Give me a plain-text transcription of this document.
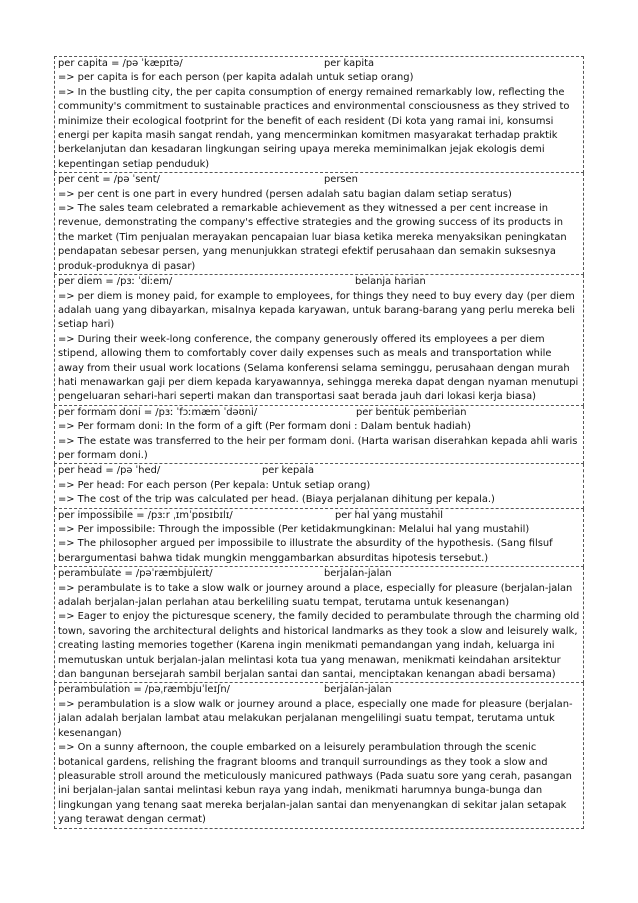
per capita = /pə ˈkæpɪtə/	per kapita
=> per capita is for each person (per kapita adalah untuk setiap orang)
=> In the bustling city, the per capita consumption of energy remained remarkably low, reflecting the community's commitment to sustainable practices and environmental consciousness as they strived to minimize their ecological footprint for the benefit of each resident (Di kota yang ramai ini, konsumsi energi per kapita masih sangat rendah, yang mencerminkan komitmen masyarakat terhadap praktik berkelanjutan dan kesadaran lingkungan seiring upaya mereka meminimalkan jejak ekologis demi kepentingan setiap penduduk)
per cent = /pə ˈsent/	persen
=> per cent is one part in every hundred (persen adalah satu bagian dalam setiap seratus)
=> The sales team celebrated a remarkable achievement as they witnessed a per cent increase in revenue, demonstrating the company's effective strategies and the growing success of its products in the market (Tim penjualan merayakan pencapaian luar biasa ketika mereka menyaksikan peningkatan pendapatan sebesar persen, yang menunjukkan strategi efektif perusahaan dan semakin suksesnya produk-produknya di pasar)
per diem = /pɜː ˈdiːem/	belanja harian
=> per diem is money paid, for example to employees, for things they need to buy every day (per diem adalah uang yang dibayarkan, misalnya kepada karyawan, untuk barang-barang yang perlu mereka beli setiap hari)
=> During their week-long conference, the company generously offered its employees a per diem stipend, allowing them to comfortably cover daily expenses such as meals and transportation while away from their usual work locations (Selama konferensi selama seminggu, perusahaan dengan murah hati menawarkan gaji per diem kepada karyawannya, sehingga mereka dapat dengan nyaman menutupi pengeluaran sehari-hari seperti makan dan transportasi saat berada jauh dari lokasi kerja biasa)
per formam doni = /pɜː ˈfɔːmæm ˈdəʊni/	per bentuk pemberian
=> Per formam doni: In the form of a gift (Per formam doni : Dalam bentuk hadiah)
=> The estate was transferred to the heir per formam doni. (Harta warisan diserahkan kepada ahli waris per formam doni.)
per head = /pə ˈhed/	per kepala
=> Per head: For each person (Per kepala: Untuk setiap orang)
=> The cost of the trip was calculated per head. (Biaya perjalanan dihitung per kepala.)
per impossibile = /pɜːr ˌɪmˈpɒsɪbɪlɪ/	per hal yang mustahil
=> Per impossibile: Through the impossible (Per ketidakmungkinan: Melalui hal yang mustahil)
=> The philosopher argued per impossibile to illustrate the absurdity of the hypothesis. (Sang filsuf berargumentasi bahwa tidak mungkin menggambarkan absurditas hipotesis tersebut.)
perambulate = /pəˈræmbjuleɪt/	berjalan-jalan
=> perambulate is to take a slow walk or journey around a place, especially for pleasure (berjalan-jalan adalah berjalan-jalan perlahan atau berkeliling suatu tempat, terutama untuk kesenangan)
=> Eager to enjoy the picturesque scenery, the family decided to perambulate through the charming old town, savoring the architectural delights and historical landmarks as they took a slow and leisurely walk, creating lasting memories together (Karena ingin menikmati pemandangan yang indah, keluarga ini memutuskan untuk berjalan-jalan melintasi kota tua yang menawan, menikmati keindahan arsitektur dan bangunan bersejarah sambil berjalan santai dan santai, menciptakan kenangan abadi bersama)
perambulation = /pəˌræmbjuˈleɪʃn/	berjalan-jalan
=> perambulation is a slow walk or journey around a place, especially one made for pleasure (berjalan-jalan adalah berjalan lambat atau melakukan perjalanan mengelilingi suatu tempat, terutama untuk kesenangan)
=> On a sunny afternoon, the couple embarked on a leisurely perambulation through the scenic botanical gardens, relishing the fragrant blooms and tranquil surroundings as they took a slow and pleasurable stroll around the meticulously manicured pathways (Pada suatu sore yang cerah, pasangan ini berjalan-jalan santai melintasi kebun raya yang indah, menikmati harumnya bunga-bunga dan lingkungan yang tenang saat mereka berjalan-jalan santai dan menyenangkan di sekitar jalan setapak yang terawat dengan cermat)
